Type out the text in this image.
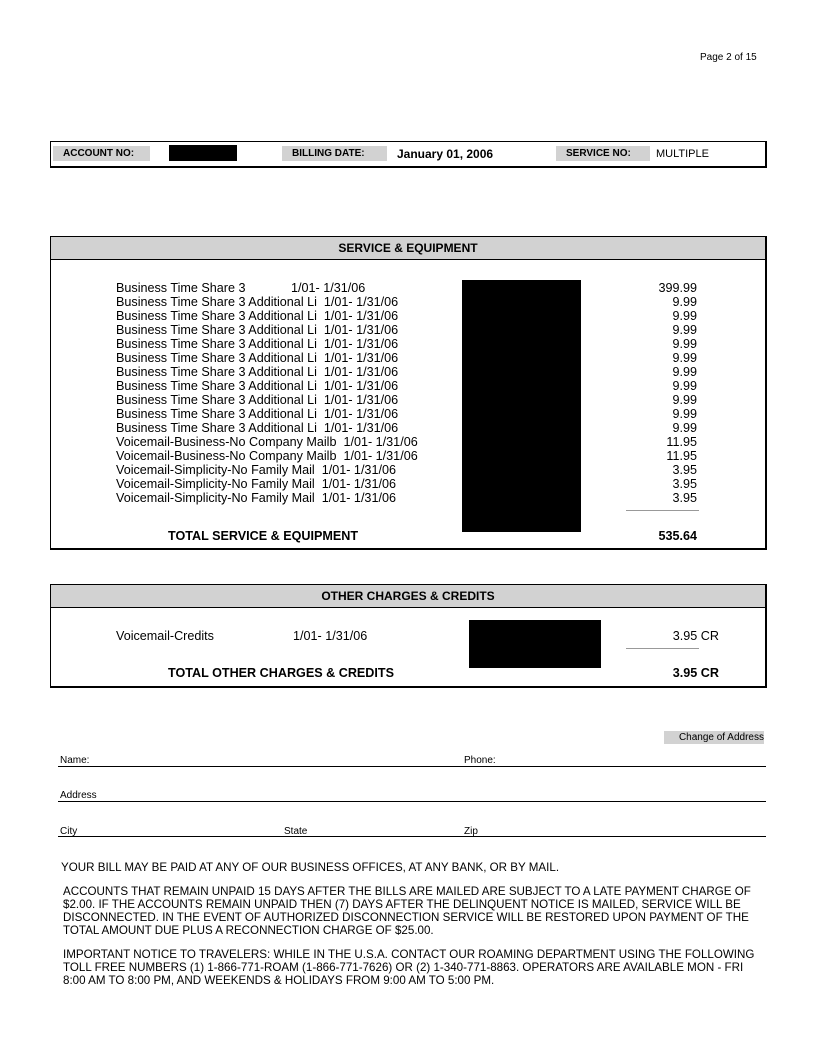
Page 2 of 15
ACCOUNT NO:	BILLING DATE:	January 01, 2006	SERVICE NO:	MULTIPLE
SERVICE & EQUIPMENT
Business Time Share 3             1/01- 1/31/06	399.99
Business Time Share 3 Additional Li  1/01- 1/31/06	9.99
Business Time Share 3 Additional Li  1/01- 1/31/06	9.99
Business Time Share 3 Additional Li  1/01- 1/31/06	9.99
Business Time Share 3 Additional Li  1/01- 1/31/06	9.99
Business Time Share 3 Additional Li  1/01- 1/31/06	9.99
Business Time Share 3 Additional Li  1/01- 1/31/06	9.99
Business Time Share 3 Additional Li  1/01- 1/31/06	9.99
Business Time Share 3 Additional Li  1/01- 1/31/06	9.99
Business Time Share 3 Additional Li  1/01- 1/31/06	9.99
Business Time Share 3 Additional Li  1/01- 1/31/06	9.99
Voicemail-Business-No Company Mailb  1/01- 1/31/06	11.95
Voicemail-Business-No Company Mailb  1/01- 1/31/06	11.95
Voicemail-Simplicity-No Family Mail  1/01- 1/31/06	3.95
Voicemail-Simplicity-No Family Mail  1/01- 1/31/06	3.95
Voicemail-Simplicity-No Family Mail  1/01- 1/31/06	3.95
TOTAL SERVICE & EQUIPMENT	535.64
OTHER CHARGES & CREDITS
Voicemail-Credits	1/01- 1/31/06	3.95 CR
TOTAL OTHER CHARGES & CREDITS	3.95 CR
Change of Address
Name:	Phone:
Address
City	State	Zip
YOUR BILL MAY BE PAID AT ANY OF OUR BUSINESS OFFICES, AT ANY BANK, OR BY MAIL.
ACCOUNTS THAT REMAIN UNPAID 15 DAYS AFTER THE BILLS ARE MAILED ARE SUBJECT TO A LATE PAYMENT CHARGE OF $2.00. IF THE ACCOUNTS REMAIN UNPAID THEN (7) DAYS AFTER THE DELINQUENT NOTICE IS MAILED, SERVICE WILL BE DISCONNECTED. IN THE EVENT OF AUTHORIZED DISCONNECTION SERVICE WILL BE RESTORED UPON PAYMENT OF THE TOTAL AMOUNT DUE PLUS A RECONNECTION CHARGE OF $25.00.
IMPORTANT NOTICE TO TRAVELERS: WHILE IN THE U.S.A. CONTACT OUR ROAMING DEPARTMENT USING THE FOLLOWING TOLL FREE NUMBERS (1) 1-866-771-ROAM (1-866-771-7626) OR (2) 1-340-771-8863. OPERATORS ARE AVAILABLE MON - FRI 8:00 AM TO 8:00 PM, AND WEEKENDS & HOLIDAYS FROM 9:00 AM TO 5:00 PM.
